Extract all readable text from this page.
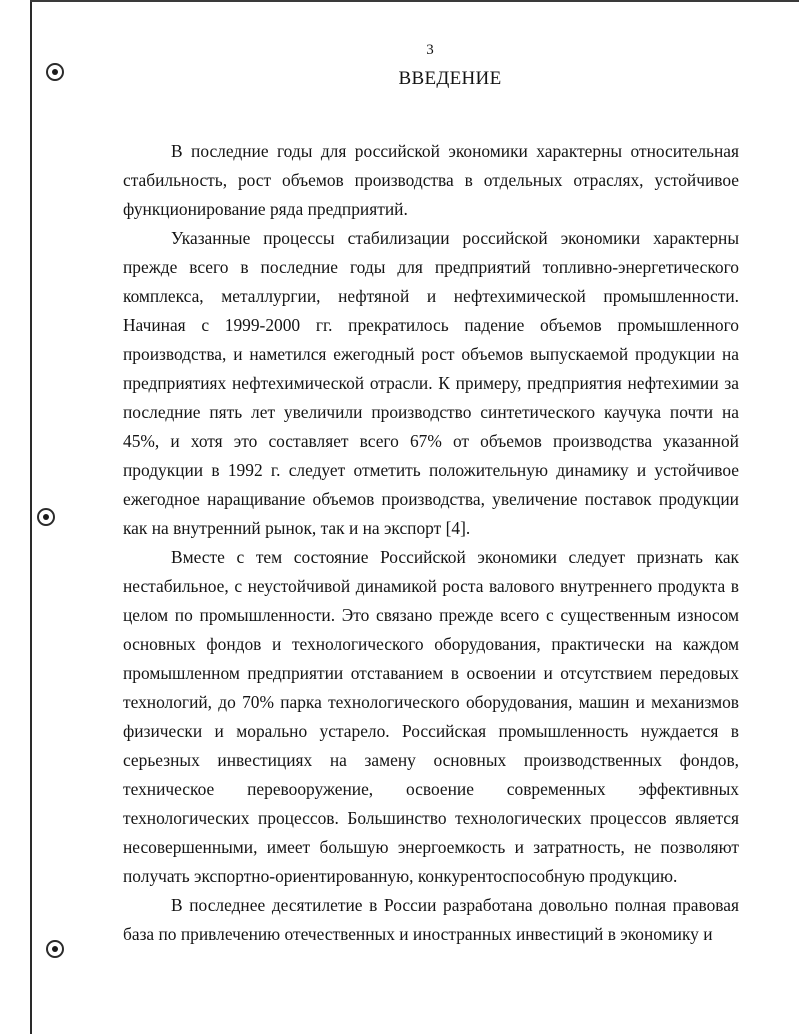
3
ВВЕДЕНИЕ

В последние годы для российской экономики характерны относительная стабильность, рост объемов производства в отдельных отраслях, устойчивое функционирование ряда предприятий.

Указанные процессы стабилизации российской экономики характерны прежде всего в последние годы для предприятий топливно-энергетического комплекса, металлургии, нефтяной и нефтехимической промышленности. Начиная с 1999-2000 гг. прекратилось падение объемов промышленного производства, и наметился ежегодный рост объемов выпускаемой продукции на предприятиях нефтехимической отрасли. К примеру, предприятия нефтехимии за последние пять лет увеличили производство синтетического каучука почти на 45%, и хотя это составляет всего 67% от объемов производства указанной продукции в 1992 г. следует отметить положительную динамику и устойчивое ежегодное наращивание объемов производства, увеличение поставок продукции как на внутренний рынок, так и на экспорт [4].

Вместе с тем состояние Российской экономики следует признать как нестабильное, с неустойчивой динамикой роста валового внутреннего продукта в целом по промышленности. Это связано прежде всего с существенным износом основных фондов и технологического оборудования, практически на каждом промышленном предприятии отставанием в освоении и отсутствием передовых технологий, до 70% парка технологического оборудования, машин и механизмов физически и морально устарело. Российская промышленность нуждается в серьезных инвестициях на замену основных производственных фондов, техническое перевооружение, освоение современных эффективных технологических процессов. Большинство технологических процессов является несовершенными, имеет большую энергоемкость и затратность, не позволяют получать экспортно-ориентированную, конкурентоспособную продукцию.

В последнее десятилетие в России разработана довольно полная правовая база по привлечению отечественных и иностранных инвестиций в экономику и
